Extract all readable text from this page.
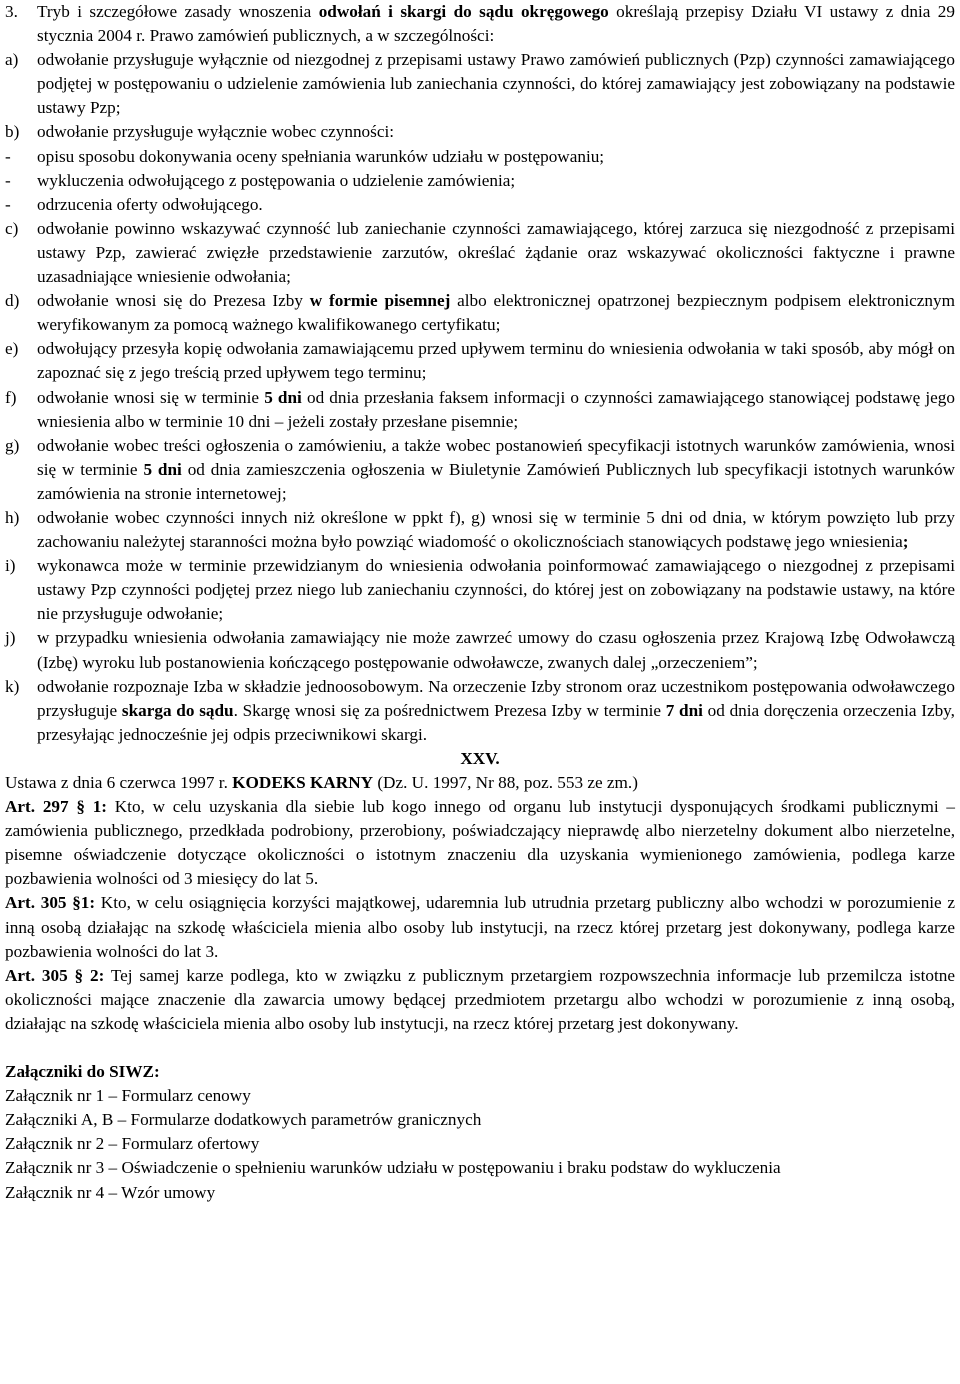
3.	Tryb i szczegółowe zasady wnoszenia odwołań i skargi do sądu okręgowego określają przepisy Działu VI ustawy z dnia 29 stycznia 2004 r. Prawo zamówień publicznych, a w szczególności:
a)	odwołanie przysługuje wyłącznie od niezgodnej z przepisami ustawy Prawo zamówień publicznych (Pzp) czynności zamawiającego podjętej w postępowaniu o udzielenie zamówienia lub zaniechania czynności, do której zamawiający jest zobowiązany na podstawie ustawy Pzp;
b)	odwołanie przysługuje wyłącznie wobec czynności:
-	opisu sposobu dokonywania oceny spełniania warunków udziału w postępowaniu;
-	wykluczenia odwołującego z postępowania o udzielenie zamówienia;
-	odrzucenia oferty odwołującego.
c)	odwołanie powinno wskazywać czynność lub zaniechanie czynności zamawiającego, której zarzuca się niezgodność z przepisami ustawy Pzp, zawierać zwięzłe przedstawienie zarzutów, określać żądanie oraz wskazywać okoliczności faktyczne i prawne uzasadniające wniesienie odwołania;
d)	odwołanie wnosi się do Prezesa Izby w formie pisemnej albo elektronicznej opatrzonej bezpiecznym podpisem elektronicznym weryfikowanym za pomocą ważnego kwalifikowanego certyfikatu;
e)	odwołujący przesyła kopię odwołania zamawiającemu przed upływem terminu do wniesienia odwołania w taki sposób, aby mógł on zapoznać się z jego treścią przed upływem tego terminu;
f)	odwołanie wnosi się w terminie 5 dni od dnia przesłania faksem informacji o czynności zamawiającego stanowiącej podstawę jego wniesienia albo w terminie 10 dni – jeżeli zostały przesłane pisemnie;
g)	odwołanie wobec treści ogłoszenia o zamówieniu, a także wobec postanowień specyfikacji istotnych warunków zamówienia, wnosi się w terminie 5 dni od dnia zamieszczenia ogłoszenia w Biuletynie Zamówień Publicznych lub specyfikacji istotnych warunków zamówienia na stronie internetowej;
h)	odwołanie wobec czynności innych niż określone w ppkt f), g) wnosi się w terminie 5 dni od dnia, w którym powzięto lub przy zachowaniu należytej staranności można było powziąć wiadomość o okolicznościach stanowiących podstawę jego wniesienia;
i)	wykonawca może w terminie przewidzianym do wniesienia odwołania poinformować zamawiającego o niezgodnej z przepisami ustawy Pzp czynności podjętej przez niego lub zaniechaniu czynności, do której jest on zobowiązany na podstawie ustawy, na które nie przysługuje odwołanie;
j)	w przypadku wniesienia odwołania zamawiający nie może zawrzeć umowy do czasu ogłoszenia przez Krajową Izbę Odwoławczą (Izbę) wyroku lub postanowienia kończącego postępowanie odwoławcze, zwanych dalej „orzeczeniem”;
k)	odwołanie rozpoznaje Izba w składzie jednoosobowym. Na orzeczenie Izby stronom oraz uczestnikom postępowania odwoławczego przysługuje skarga do sądu. Skargę wnosi się za pośrednictwem Prezesa Izby w terminie 7 dni od dnia doręczenia orzeczenia Izby, przesyłając jednocześnie jej odpis przeciwnikowi skargi.
XXV.

Ustawa z dnia 6 czerwca 1997 r. KODEKS KARNY (Dz. U. 1997, Nr 88, poz. 553 ze zm.)

Art. 297 § 1: Kto, w celu uzyskania dla siebie lub kogo innego od organu lub instytucji dysponujących środkami publicznymi – zamówienia publicznego, przedkłada podrobiony, przerobiony, poświadczający nieprawdę albo nierzetelny dokument albo nierzetelne, pisemne oświadczenie dotyczące okoliczności o istotnym znaczeniu dla uzyskania wymienionego zamówienia, podlega karze pozbawienia wolności od 3 miesięcy do lat 5.

Art. 305 §1: Kto, w celu osiągnięcia korzyści majątkowej, udaremnia lub utrudnia przetarg publiczny albo wchodzi w porozumienie z inną osobą działając na szkodę właściciela mienia albo osoby lub instytucji, na rzecz której przetarg jest dokonywany, podlega karze pozbawienia wolności do lat 3.

Art. 305 § 2: Tej samej karze podlega, kto w związku z publicznym przetargiem rozpowszechnia informacje lub przemilcza istotne okoliczności mające znaczenie dla zawarcia umowy będącej przedmiotem przetargu albo wchodzi w porozumienie z inną osobą, działając na szkodę właściciela mienia albo osoby lub instytucji, na rzecz której przetarg jest dokonywany.

Załączniki do SIWZ:

Załącznik nr 1 – Formularz cenowy

Załączniki A, B – Formularze dodatkowych parametrów granicznych

Załącznik nr 2 – Formularz ofertowy

Załącznik nr 3 – Oświadczenie o spełnieniu warunków udziału w postępowaniu i braku podstaw do wykluczenia

Załącznik nr 4 – Wzór umowy
